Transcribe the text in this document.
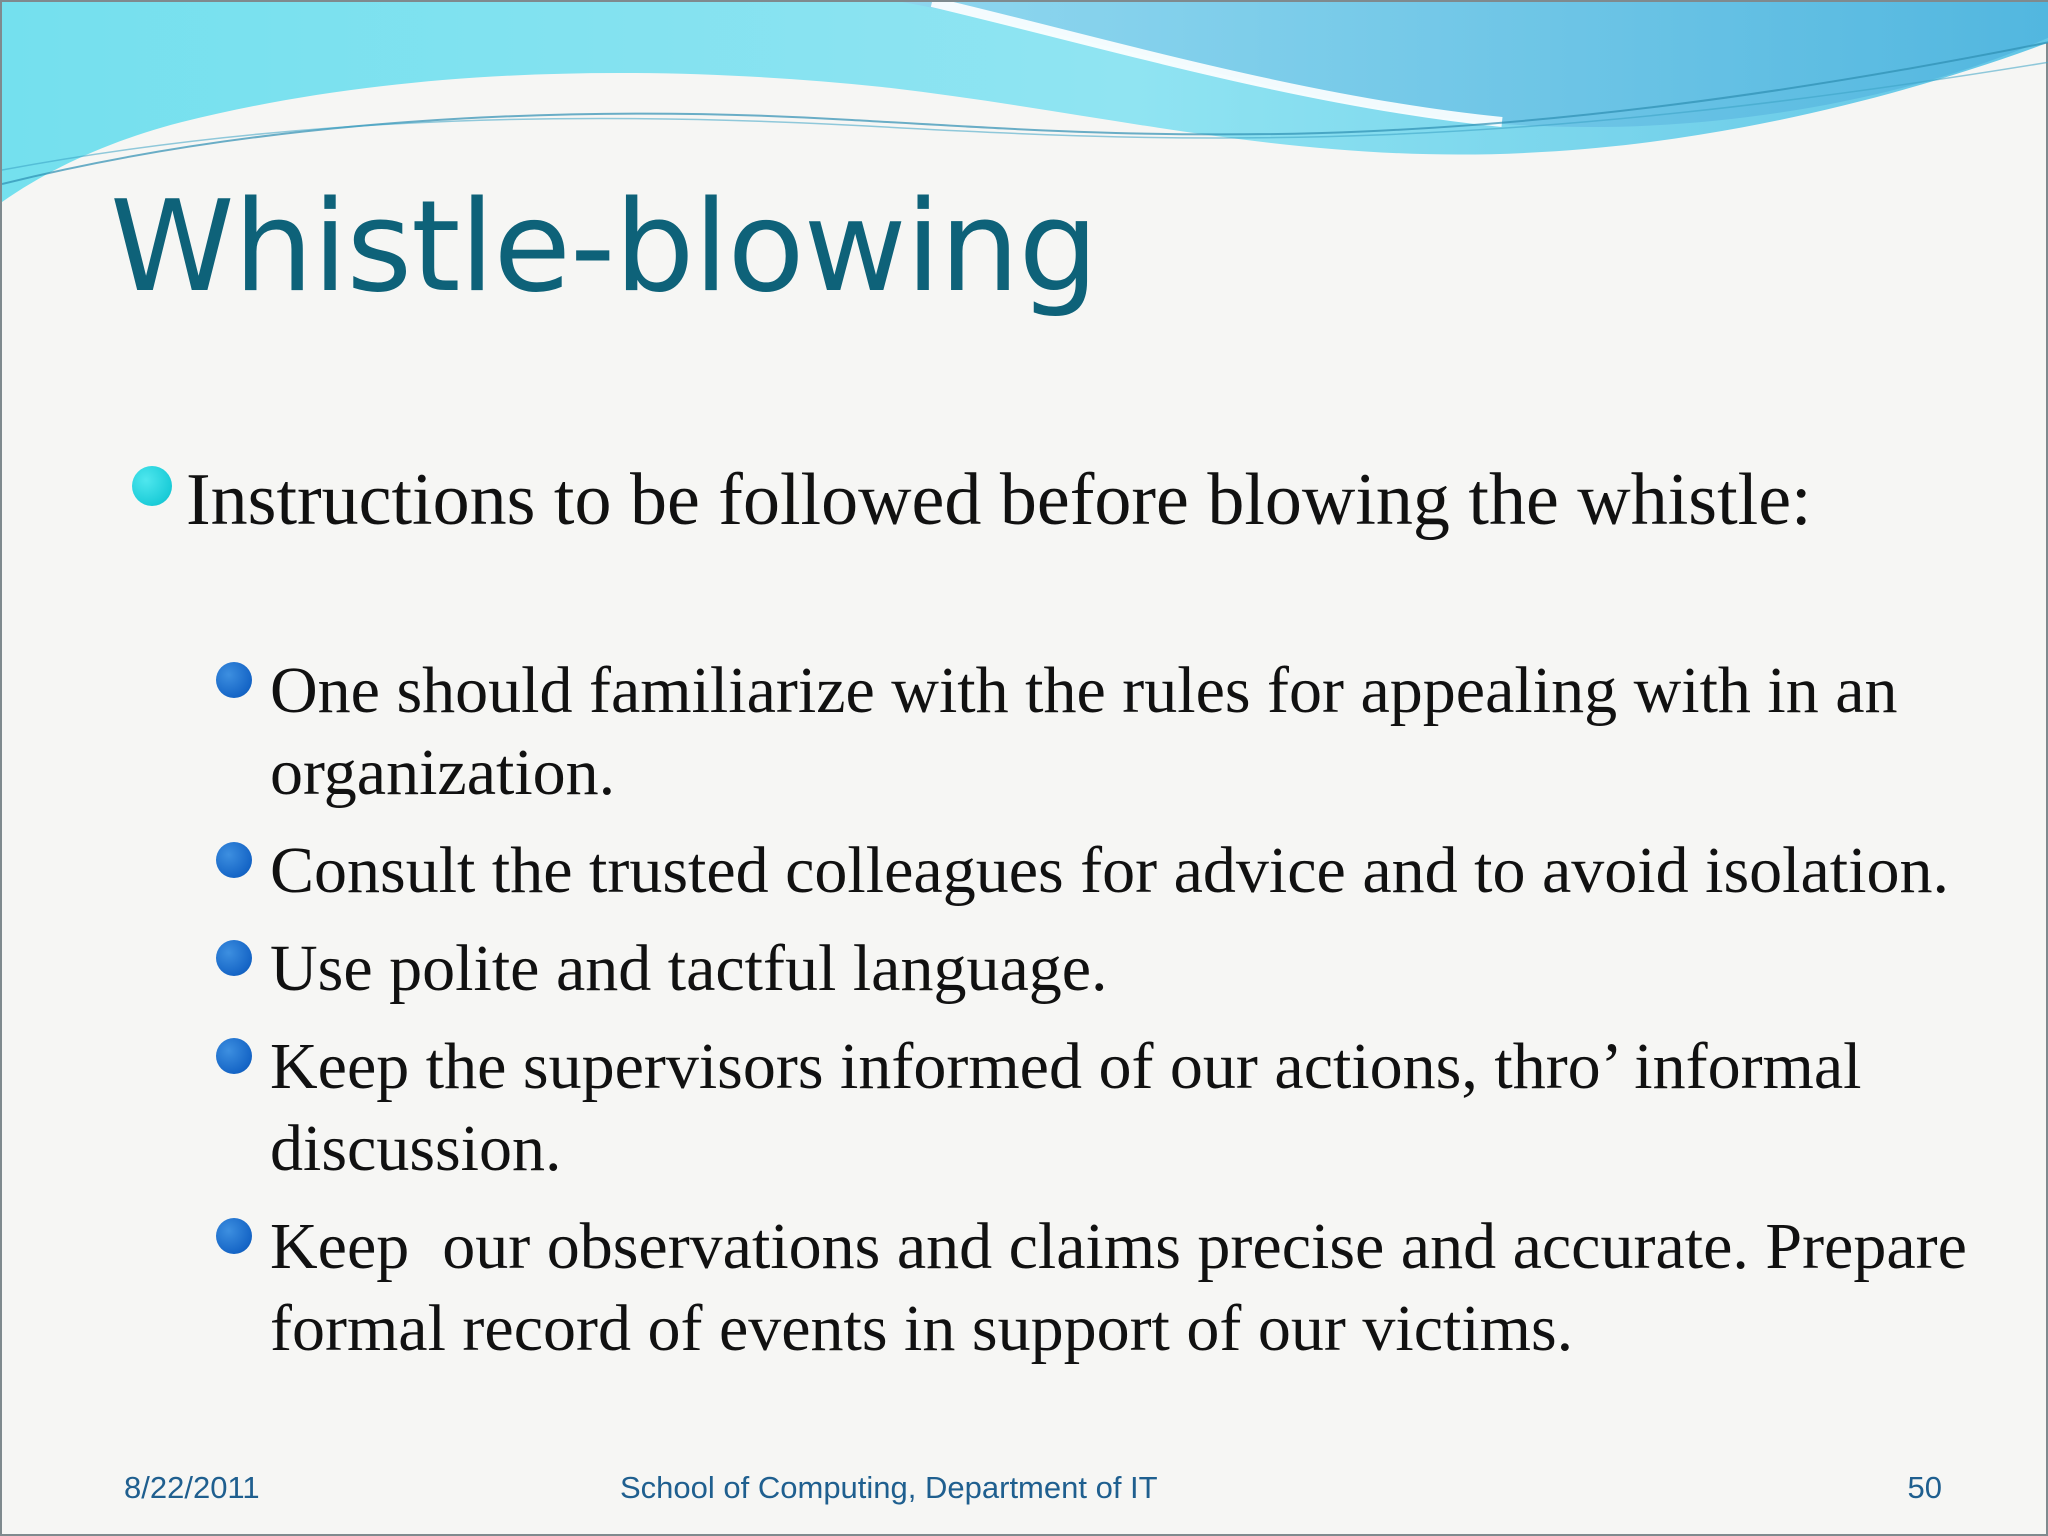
Whistle-blowing
Instructions to be followed before blowing the whistle:
One should familiarize with the rules for appealing with in an organization.
Consult the trusted colleagues for advice and to avoid isolation.
Use polite and tactful language.
Keep the supervisors informed of our actions, thro’ informal discussion.
Keep  our observations and claims precise and accurate. Prepare formal record of events in support of our victims.
8/22/2011	School of Computing, Department of IT	50
